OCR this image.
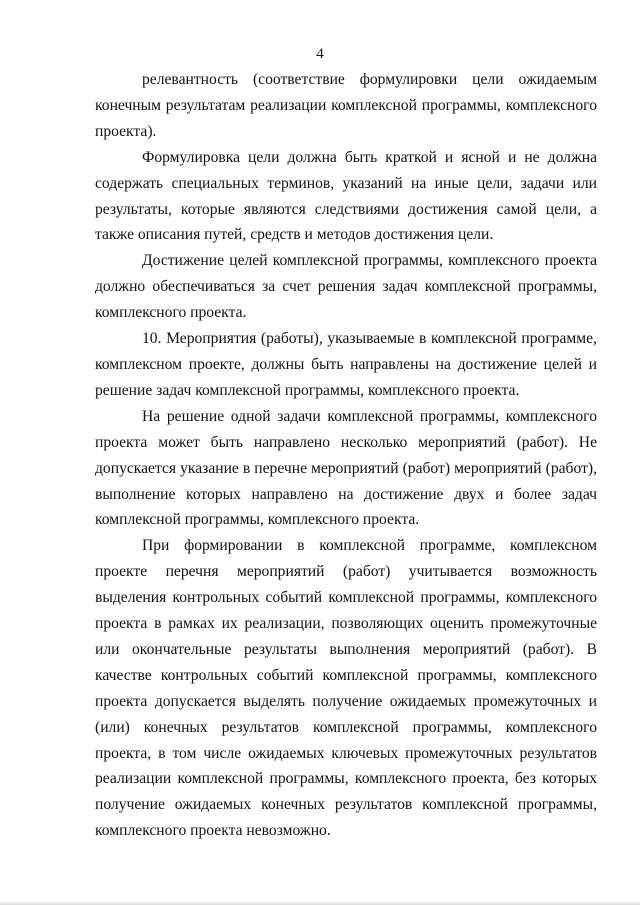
4

релевантность (соответствие формулировки цели ожидаемым конечным результатам реализации комплексной программы, комплексного проекта).

Формулировка цели должна быть краткой и ясной и не должна содержать специальных терминов, указаний на иные цели, задачи или результаты, которые являются следствиями достижения самой цели, а также описания путей, средств и методов достижения цели.

Достижение целей комплексной программы, комплексного проекта должно обеспечиваться за счет решения задач комплексной программы, комплексного проекта.

10. Мероприятия (работы), указываемые в комплексной программе, комплексном проекте, должны быть направлены на достижение целей и решение задач комплексной программы, комплексного проекта.

На решение одной задачи комплексной программы, комплексного проекта может быть направлено несколько мероприятий (работ). Не допускается указание в перечне мероприятий (работ) мероприятий (работ), выполнение которых направлено на достижение двух и более задач комплексной программы, комплексного проекта.

При формировании в комплексной программе, комплексном проекте перечня мероприятий (работ) учитывается возможность выделения контрольных событий комплексной программы, комплексного проекта в рамках их реализации, позволяющих оценить промежуточные или окончательные результаты выполнения мероприятий (работ). В качестве контрольных событий комплексной программы, комплексного проекта допускается выделять получение ожидаемых промежуточных и (или) конечных результатов комплексной программы, комплексного проекта, в том числе ожидаемых ключевых промежуточных результатов реализации комплексной программы, комплексного проекта, без которых получение ожидаемых конечных результатов комплексной программы, комплексного проекта невозможно.
